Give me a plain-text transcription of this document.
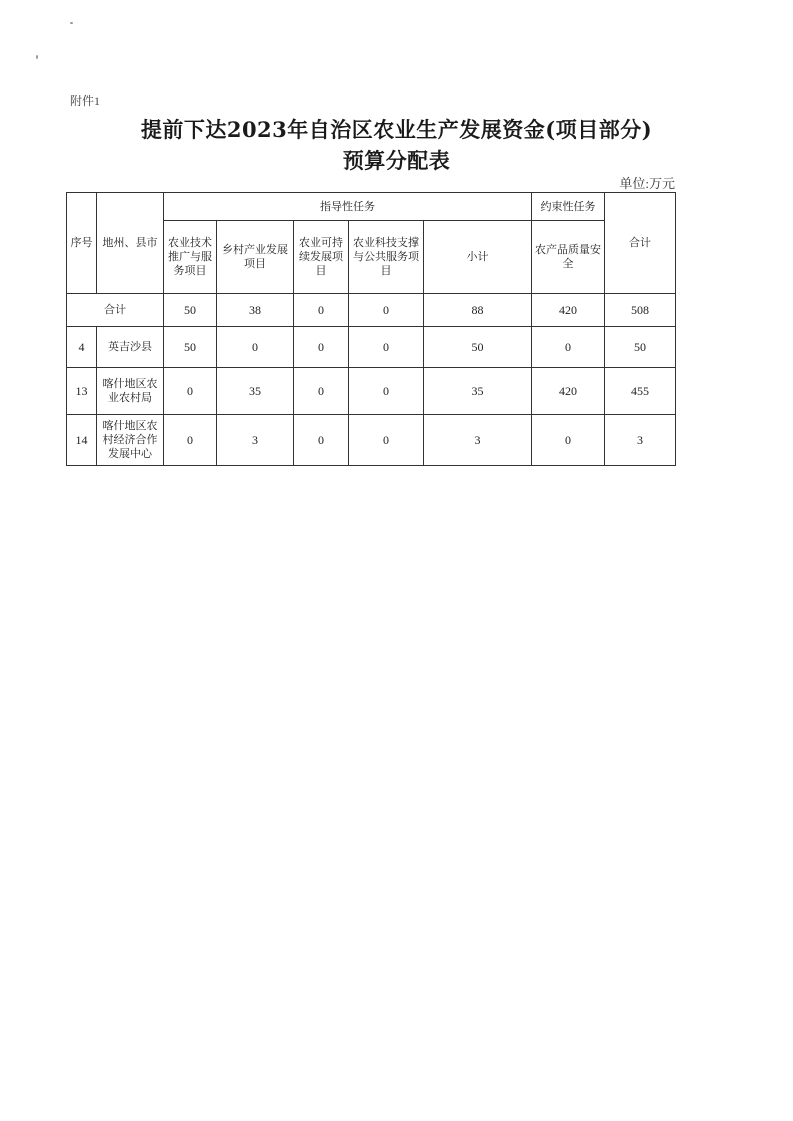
附件1
提前下达2023年自治区农业生产发展资金(项目部分)
预算分配表
单位:万元
序号	地州、县市	指导性任务					约束性任务	合计
		农业技术推广与服务项目	乡村产业发展项目	农业可持续发展项目	农业科技支撑与公共服务项目	小计	农产品质量安全	
合计		50	38	0	0	88	420	508
4	英吉沙县	50	0	0	0	50	0	50
13	喀什地区农业农村局	0	35	0	0	35	420	455
14	喀什地区农村经济合作发展中心	0	3	0	0	3	0	3
